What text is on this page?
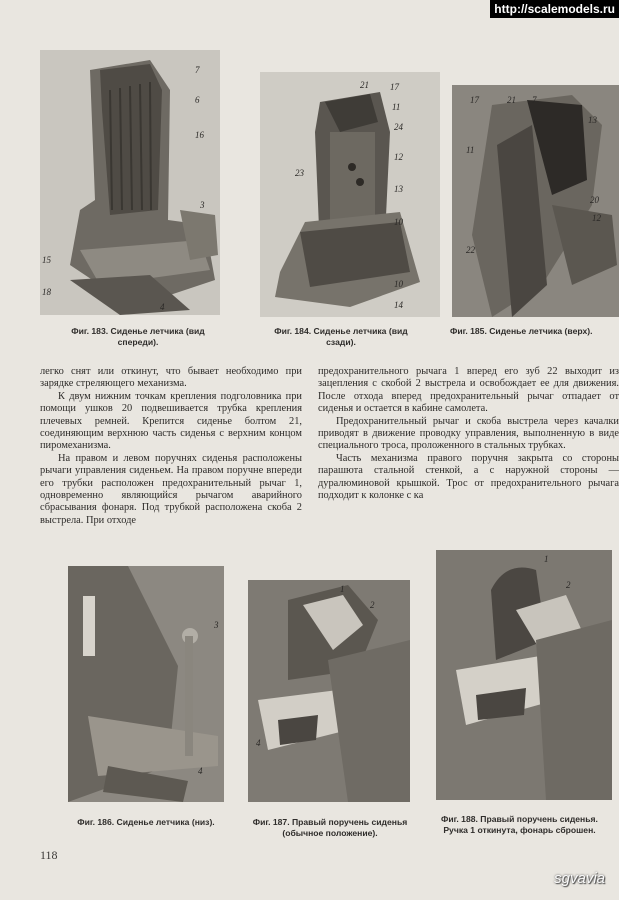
http://scalemodels.ru
7
6
16
3
15
18
4
Фиг. 183. Сиденье летчика (вид
спереди).
21 17
11
24
12
23
13
10
10
14
Фиг. 184. Сиденье летчика (вид
сзади).
17	21 7
13
11
20
12
22
Фиг. 185. Сиденье летчика (верх).

легко снят или откинут, что бывает необходимо при зарядке стреляющего механизма.

К двум нижним точкам крепления подголовника при помощи ушков 20 подвешивается трубка крепления плечевых ремней. Крепится сиденье болтом 21, соединяющим верхнюю часть сиденья с верхним концом пиромеханизма.

На правом и левом поручнях сиденья расположены рычаги управления сиденьем. На правом поручне впереди его трубки расположен предохранительный рычаг 1, одновременно являющийся рычагом аварийного сбрасывания фонаря. Под трубкой расположена скоба 2 выстрела. При отходе

предохранительного рычага 1 вперед его зуб 22 выходит из зацепления с скобой 2 выстрела и освобождает ее для движения. После отхода вперед предохранительный рычаг отпадает от сиденья и остается в кабине самолета.

Предохранительный рычаг и скоба выстрела через качалки приводят в движение проводку управления, выполненную в виде специального троса, проложенного в стальных трубках.

Часть механизма правого поручня закрыта со стороны парашюта стальной стенкой, а с наружной стороны — дуралюминовой крышкой. Трос от предохранительного рычага подходит к колонке с ка

3
4
Фиг. 186. Сиденье летчика (низ).
1
2
4
Фиг. 187. Правый поручень сиденья
(обычное положение).
1
2
Фиг. 188. Правый поручень сиденья.
Ручка 1 откинута, фонарь сброшен.
118
sgvavia
